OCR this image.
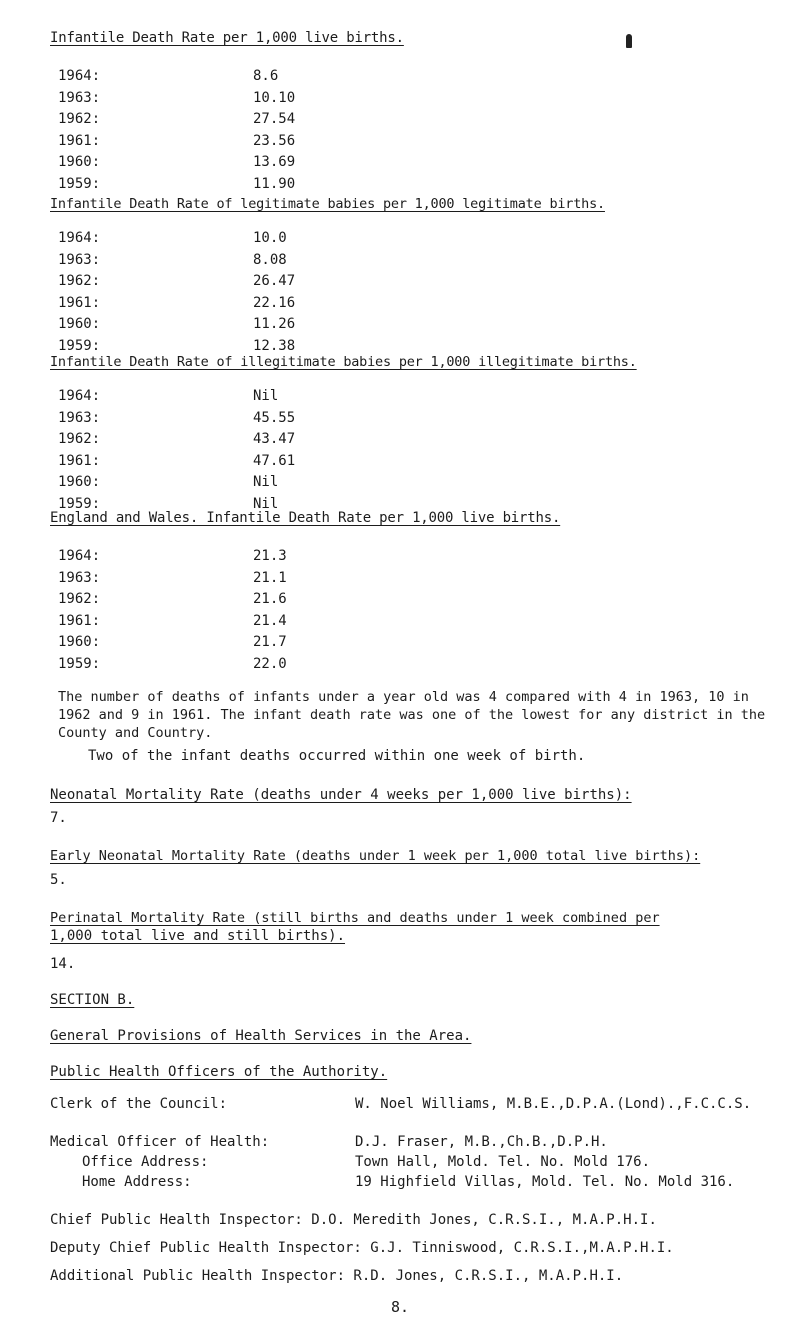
Infantile Death Rate per 1,000 live births.
1964:	8.6
1963:	10.10
1962:	27.54
1961:	23.56
1960:	13.69
1959:	11.90
Infantile Death Rate of legitimate babies per 1,000 legitimate births.
1964:	10.0
1963:	8.08
1962:	26.47
1961:	22.16
1960:	11.26
1959:	12.38
Infantile Death Rate of illegitimate babies per 1,000 illegitimate births.
1964:	Nil
1963:	45.55
1962:	43.47
1961:	47.61
1960:	Nil
1959:	Nil
England and Wales. Infantile Death Rate per 1,000 live births.
1964:	21.3
1963:	21.1
1962:	21.6
1961:	21.4
1960:	21.7
1959:	22.0
The number of deaths of infants under a year old was 4 compared with 4 in 1963, 10 in 1962 and 9 in 1961. The infant death rate was one of the lowest for any district in the County and Country.
Two of the infant deaths occurred within one week of birth.
Neonatal Mortality Rate (deaths under 4 weeks per 1,000 live births):
7.
Early Neonatal Mortality Rate (deaths under 1 week per 1,000 total live births):
5.
Perinatal Mortality Rate (still births and deaths under 1 week combined per
1,000 total live and still births).
14.
SECTION B.
General Provisions of Health Services in the Area.
Public Health Officers of the Authority.
Clerk of the Council:	W. Noel Williams, M.B.E.,D.P.A.(Lond).,F.C.C.S.
Medical Officer of Health:	D.J. Fraser, M.B.,Ch.B.,D.P.H.
Office Address:	Town Hall, Mold. Tel. No. Mold 176.
Home Address:	19 Highfield Villas, Mold. Tel. No. Mold 316.
Chief Public Health Inspector: D.O. Meredith Jones, C.R.S.I., M.A.P.H.I.
Deputy Chief Public Health Inspector: G.J. Tinniswood, C.R.S.I.,M.A.P.H.I.
Additional Public Health Inspector: R.D. Jones, C.R.S.I., M.A.P.H.I.
8.
